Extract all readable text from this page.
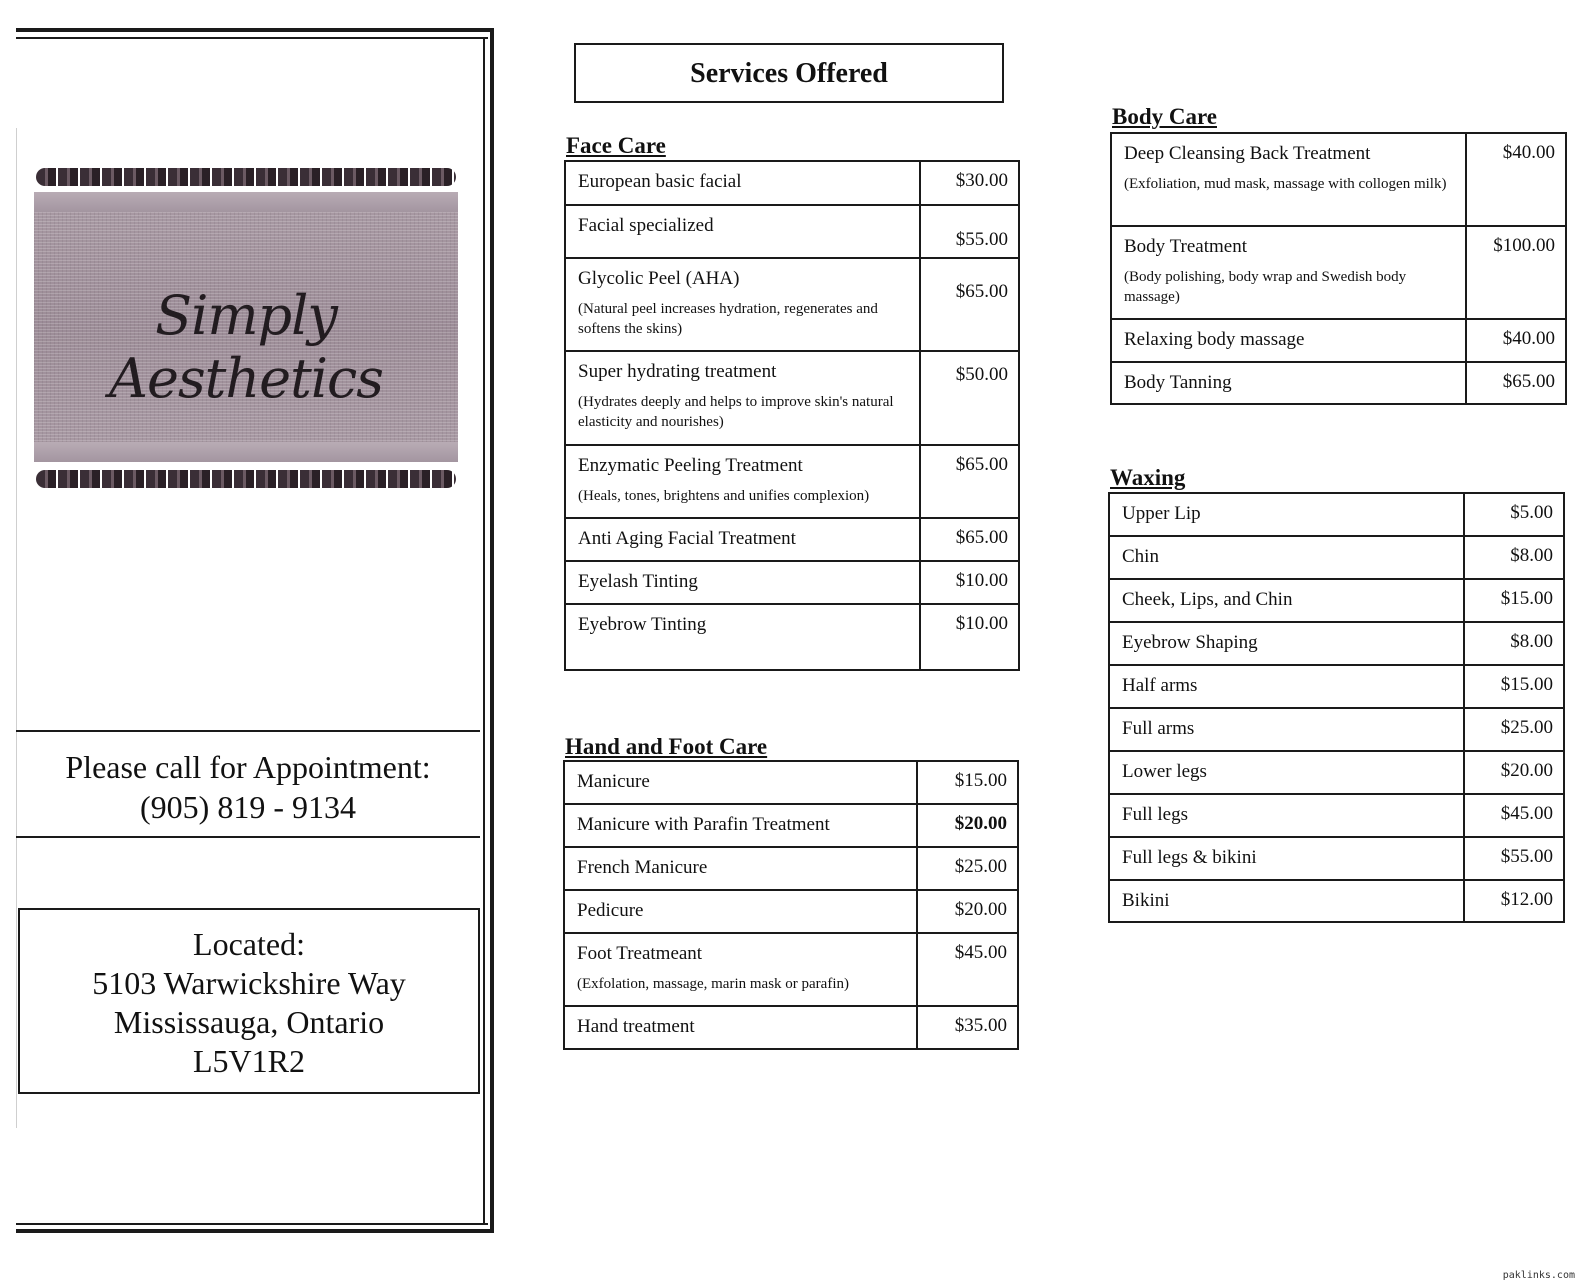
Simply Aesthetics
Please call for Appointment:
(905) 819 - 9134
Located:
5103 Warwickshire Way
Mississauga, Ontario
L5V1R2
Services Offered
Face Care
European basic facial	$30.00

Facial specialized	$55.00

Glycolic Peel (AHA)
(Natural peel increases hydration, regenerates and softens the skins)	$65.00

Super hydrating treatment
(Hydrates deeply and helps to improve skin's natural elasticity and nourishes)	$50.00

Enzymatic Peeling Treatment
(Heals, tones, brightens and unifies complexion)	$65.00

Anti Aging Facial Treatment	$65.00

Eyelash Tinting	$10.00

Eyebrow Tinting	$10.00
Hand and Foot Care
Manicure	$15.00

Manicure with Parafin Treatment	$20.00

French Manicure	$25.00

Pedicure	$20.00

Foot Treatmeant
(Exfolation, massage, marin mask or parafin)	$45.00

Hand treatment	$35.00
Body Care
Deep Cleansing Back Treatment
(Exfoliation, mud mask, massage with collogen milk)	$40.00

Body Treatment
(Body polishing, body wrap and Swedish body massage)	$100.00

Relaxing body massage	$40.00

Body Tanning	$65.00
Waxing
Upper Lip	$5.00

Chin	$8.00

Cheek, Lips, and Chin	$15.00

Eyebrow Shaping	$8.00

Half arms	$15.00

Full arms	$25.00

Lower legs	$20.00

Full legs	$45.00

Full legs & bikini	$55.00

Bikini	$12.00
paklinks.com
